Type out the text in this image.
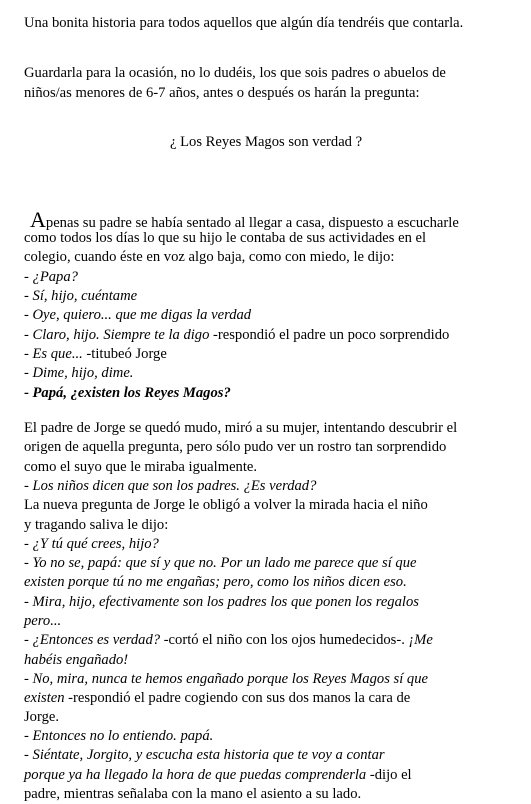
Una bonita historia para todos aquellos que algún día tendréis que contarla.
Guardarla para la ocasión, no lo dudéis, los que sois padres o abuelos de
niños/as menores de 6-7 años, antes o después os harán la pregunta:
¿ Los Reyes Magos son verdad ?
Apenas su padre se había sentado al llegar a casa, dispuesto a escucharle
como todos los días lo que su hijo le contaba de sus actividades en el
colegio, cuando éste en voz algo baja, como con miedo, le dijo:
- ¿Papa?
- Sí, hijo, cuéntame
- Oye, quiero... que me digas la verdad
- Claro, hijo. Siempre te la digo -respondió el padre un poco sorprendido
- Es que... -titubeó Jorge
- Dime, hijo, dime.
- Papá, ¿existen los Reyes Magos?
El padre de Jorge se quedó mudo, miró a su mujer, intentando descubrir el
origen de aquella pregunta, pero sólo pudo ver un rostro tan sorprendido
como el suyo que le miraba igualmente.
- Los niños dicen que son los padres. ¿Es verdad?
La nueva pregunta de Jorge le obligó a volver la mirada hacia el niño
y tragando saliva le dijo:
- ¿Y tú qué crees, hijo?
- Yo no se, papá: que sí y que no. Por un lado me parece que sí que
existen porque tú no me engañas; pero, como los niños dicen eso.
- Mira, hijo, efectivamente son los padres los que ponen los regalos
pero...
- ¿Entonces es verdad? -cortó el niño con los ojos humedecidos-. ¡Me
habéis engañado!
- No, mira, nunca te hemos engañado porque los Reyes Magos sí que
existen -respondió el padre cogiendo con sus dos manos la cara de
Jorge.
- Entonces no lo entiendo. papá.
- Siéntate, Jorgito, y escucha esta historia que te voy a contar
porque ya ha llegado la hora de que puedas comprenderla -dijo el
padre, mientras señalaba con la mano el asiento a su lado.
